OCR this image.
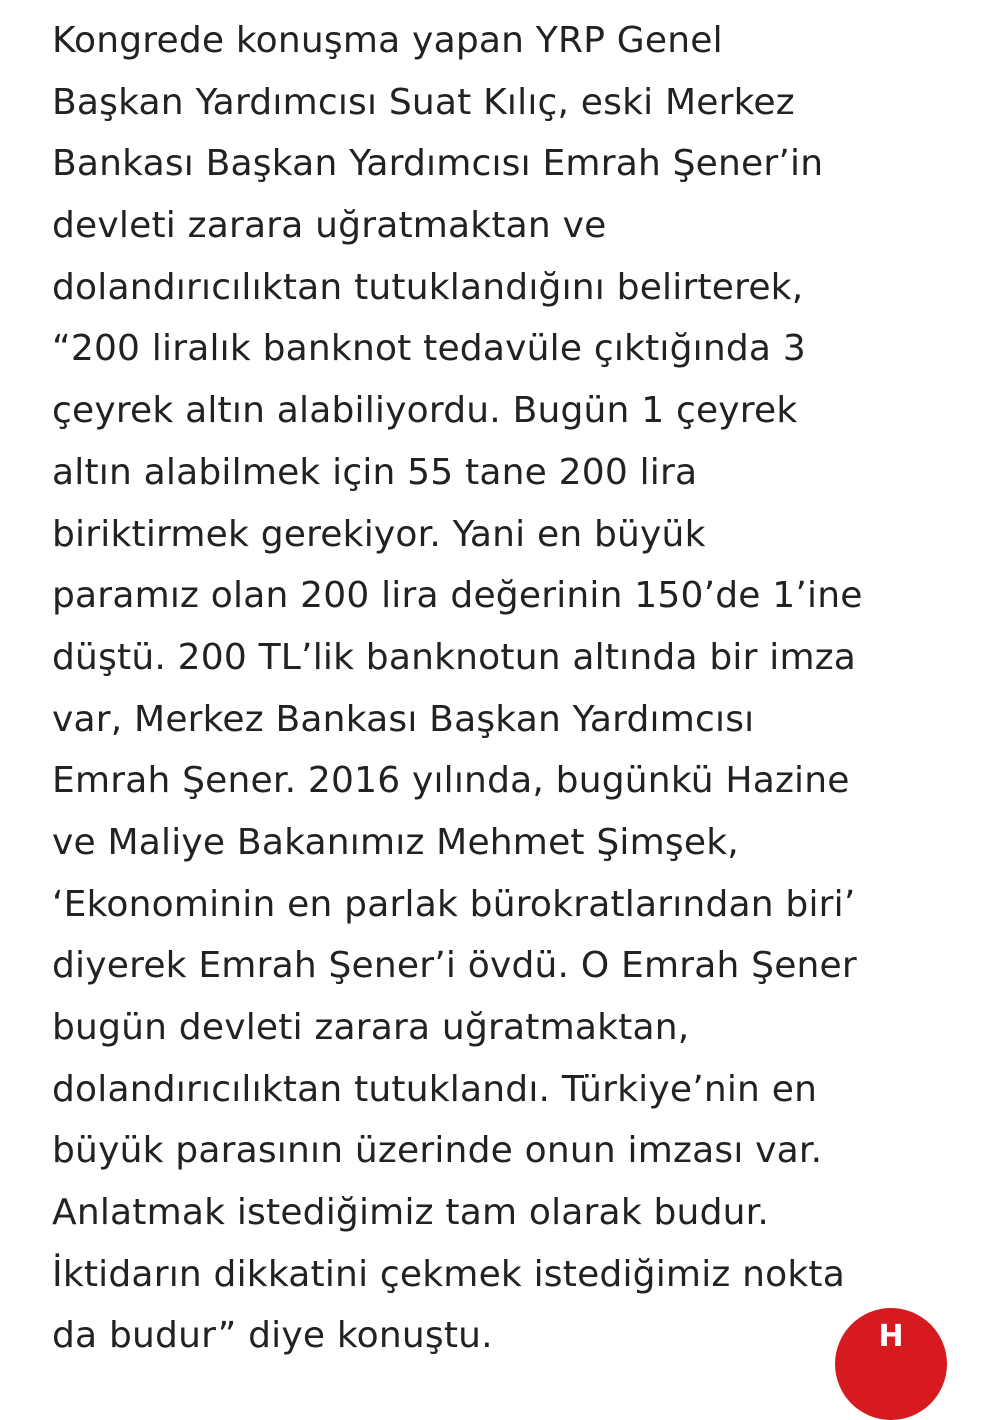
Kongrede konuşma yapan YRP Genel
Başkan Yardımcısı Suat Kılıç, eski Merkez
Bankası Başkan Yardımcısı Emrah Şener’in
devleti zarara uğratmaktan ve
dolandırıcılıktan tutuklandığını belirterek,
“200 liralık banknot tedavüle çıktığında 3
çeyrek altın alabiliyordu. Bugün 1 çeyrek
altın alabilmek için 55 tane 200 lira
biriktirmek gerekiyor. Yani en büyük
paramız olan 200 lira değerinin 150’de 1’ine
düştü. 200 TL’lik banknotun altında bir imza
var, Merkez Bankası Başkan Yardımcısı
Emrah Şener. 2016 yılında, bugünkü Hazine
ve Maliye Bakanımız Mehmet Şimşek,
‘Ekonominin en parlak bürokratlarından biri’
diyerek Emrah Şener’i övdü. O Emrah Şener
bugün devleti zarara uğratmaktan,
dolandırıcılıktan tutuklandı. Türkiye’nin en
büyük parasının üzerinde onun imzası var.
Anlatmak istediğimiz tam olarak budur.
İktidarın dikkatini çekmek istediğimiz nokta
da budur” diye konuştu.	H
